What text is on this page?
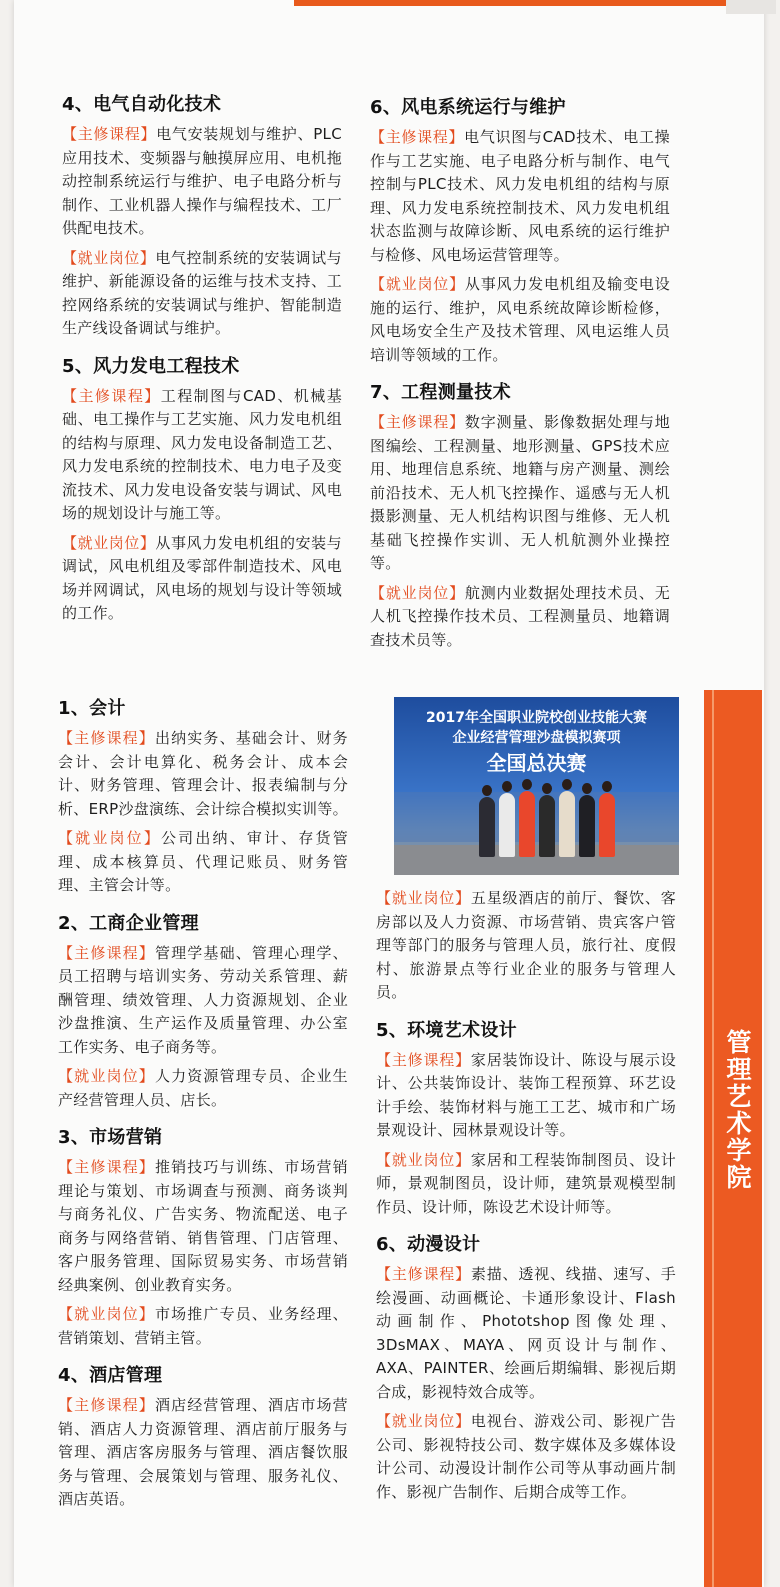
4、电气自动化技术

【主修课程】电气安装规划与维护、PLC应用技术、变频器与触摸屏应用、电机拖动控制系统运行与维护、电子电路分析与制作、工业机器人操作与编程技术、工厂供配电技术。

【就业岗位】电气控制系统的安装调试与维护、新能源设备的运维与技术支持、工控网络系统的安装调试与维护、智能制造生产线设备调试与维护。

5、风力发电工程技术

【主修课程】工程制图与CAD、机械基础、电工操作与工艺实施、风力发电机组的结构与原理、风力发电设备制造工艺、风力发电系统的控制技术、电力电子及变流技术、风力发电设备安装与调试、风电场的规划设计与施工等。

【就业岗位】从事风力发电机组的安装与调试，风电机组及零部件制造技术、风电场并网调试，风电场的规划与设计等领域的工作。

6、风电系统运行与维护

【主修课程】电气识图与CAD技术、电工操作与工艺实施、电子电路分析与制作、电气控制与PLC技术、风力发电机组的结构与原理、风力发电系统控制技术、风力发电机组状态监测与故障诊断、风电系统的运行维护与检修、风电场运营管理等。

【就业岗位】从事风力发电机组及输变电设施的运行、维护，风电系统故障诊断检修，风电场安全生产及技术管理、风电运维人员培训等领域的工作。

7、工程测量技术

【主修课程】数字测量、影像数据处理与地图编绘、工程测量、地形测量、GPS技术应用、地理信息系统、地籍与房产测量、测绘前沿技术、无人机飞控操作、遥感与无人机摄影测量、无人机结构识图与维修、无人机基础飞控操作实训、无人机航测外业操控等。

【就业岗位】航测内业数据处理技术员、无人机飞控操作技术员、工程测量员、地籍调查技术员等。

1、会计

【主修课程】出纳实务、基础会计、财务会计、会计电算化、税务会计、成本会计、财务管理、管理会计、报表编制与分析、ERP沙盘演练、会计综合模拟实训等。

【就业岗位】公司出纳、审计、存货管理、成本核算员、代理记账员、财务管理、主管会计等。

2、工商企业管理

【主修课程】管理学基础、管理心理学、员工招聘与培训实务、劳动关系管理、薪酬管理、绩效管理、人力资源规划、企业沙盘推演、生产运作及质量管理、办公室工作实务、电子商务等。

【就业岗位】人力资源管理专员、企业生产经营管理人员、店长。

3、市场营销

【主修课程】推销技巧与训练、市场营销理论与策划、市场调查与预测、商务谈判与商务礼仪、广告实务、物流配送、电子商务与网络营销、销售管理、门店管理、客户服务管理、国际贸易实务、市场营销经典案例、创业教育实务。

【就业岗位】市场推广专员、业务经理、营销策划、营销主管。

4、酒店管理

【主修课程】酒店经营管理、酒店市场营销、酒店人力资源管理、酒店前厅服务与管理、酒店客房服务与管理、酒店餐饮服务与管理、会展策划与管理、服务礼仪、酒店英语。

2017年全国职业院校创业技能大赛
企业经营管理沙盘模拟赛项
全国总决赛

【就业岗位】五星级酒店的前厅、餐饮、客房部以及人力资源、市场营销、贵宾客户管理等部门的服务与管理人员，旅行社、度假村、旅游景点等行业企业的服务与管理人员。

5、环境艺术设计

【主修课程】家居装饰设计、陈设与展示设计、公共装饰设计、装饰工程预算、环艺设计手绘、装饰材料与施工工艺、城市和广场景观设计、园林景观设计等。

【就业岗位】家居和工程装饰制图员、设计师，景观制图员，设计师，建筑景观模型制作员、设计师，陈设艺术设计师等。

6、动漫设计

【主修课程】素描、透视、线描、速写、手绘漫画、动画概论、卡通形象设计、Flash动画制作、Phototshop图像处理、3DsMAX、MAYA、网页设计与制作、AXA、PAINTER、绘画后期编辑、影视后期合成，影视特效合成等。

【就业岗位】电视台、游戏公司、影视广告公司、影视特技公司、数字媒体及多媒体设计公司、动漫设计制作公司等从事动画片制作、影视广告制作、后期合成等工作。

管理艺术学院
